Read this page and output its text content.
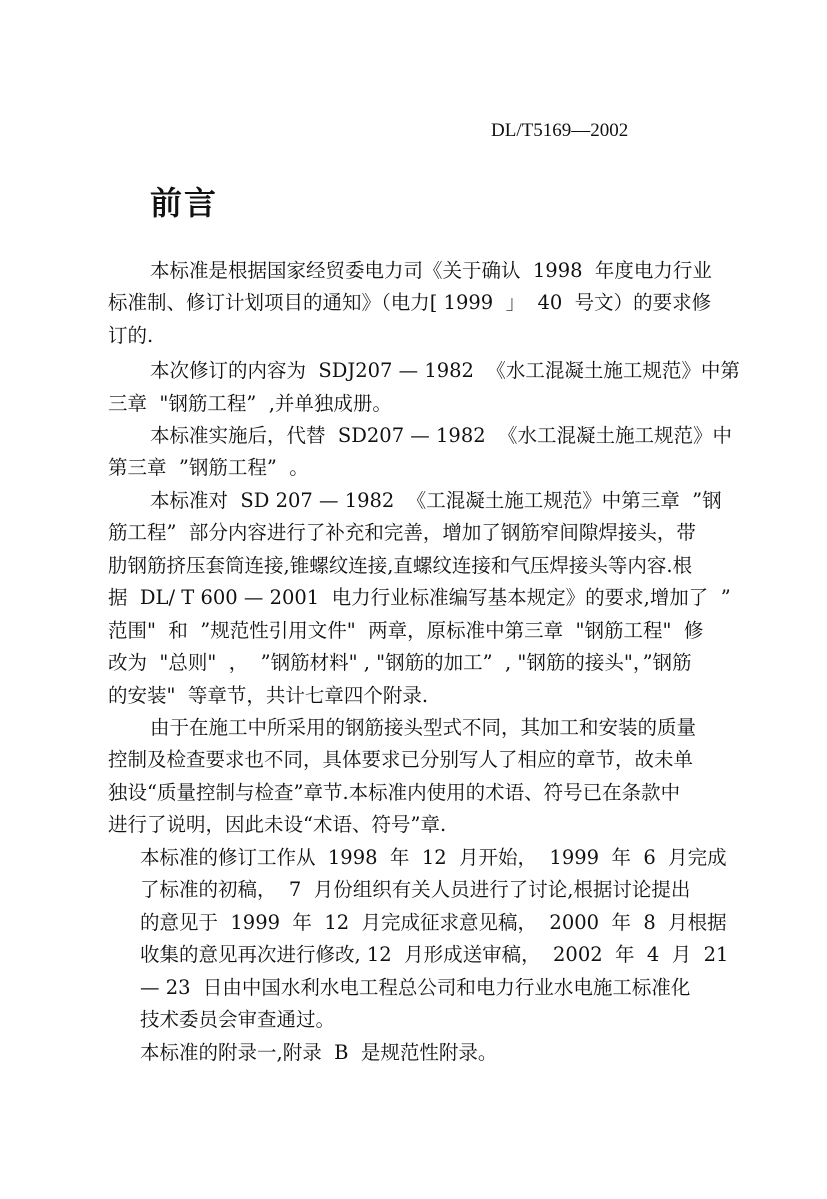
DL/T5169—2002
前言
本标准是根据国家经贸委电力司《关于确认  1998  年度电力行业
标准制、修订计划项目的通知》（电力[ 1999  」  40  号文）的要求修
订的.
本次修订的内容为  SDJ207 — 1982  《水工混凝土施工规范》中第
三章  "钢筋工程”  ,并单独成册。
本标准实施后，代替  SD207 — 1982  《水工混凝土施工规范》中
第三章  ”钢筋工程”  。
本标准对  SD 207 — 1982  《工混凝土施工规范》中第三章  ”钢
筋工程”  部分内容进行了补充和完善，增加了钢筋窄间隙焊接头，带
肋钢筋挤压套筒连接,锥螺纹连接,直螺纹连接和气压焊接头等内容.根
据  DL/ T 600 — 2001  电力行业标准编写基本规定》的要求,增加了  ”
范围"  和  ”规范性引用文件"  两章，原标准中第三章  "钢筋工程"  修
改为  "总则"  ，  ”钢筋材料" , "钢筋的加工”  , "钢筋的接头"，”钢筋
的安装"  等章节，共计七章四个附录.
由于在施工中所采用的钢筋接头型式不同，其加工和安装的质量
控制及检查要求也不同，具体要求已分别写人了相应的章节，故未单
独设“质量控制与检查”章节.本标准内使用的术语、符号已在条款中
进行了说明，因此未设“术语、符号”章.
本标准的修订工作从  1998  年  12  月开始，  1999  年  6  月完成
了标准的初稿，  7  月份组织有关人员进行了讨论,根据讨论提出
的意见于  1999  年  12  月完成征求意见稿，  2000  年  8  月根据
收集的意见再次进行修改, 12  月形成送审稿，  2002  年  4  月  21
— 23  日由中国水利水电工程总公司和电力行业水电施工标准化
技术委员会审查通过。
本标准的附录一,附录  B  是规范性附录。
